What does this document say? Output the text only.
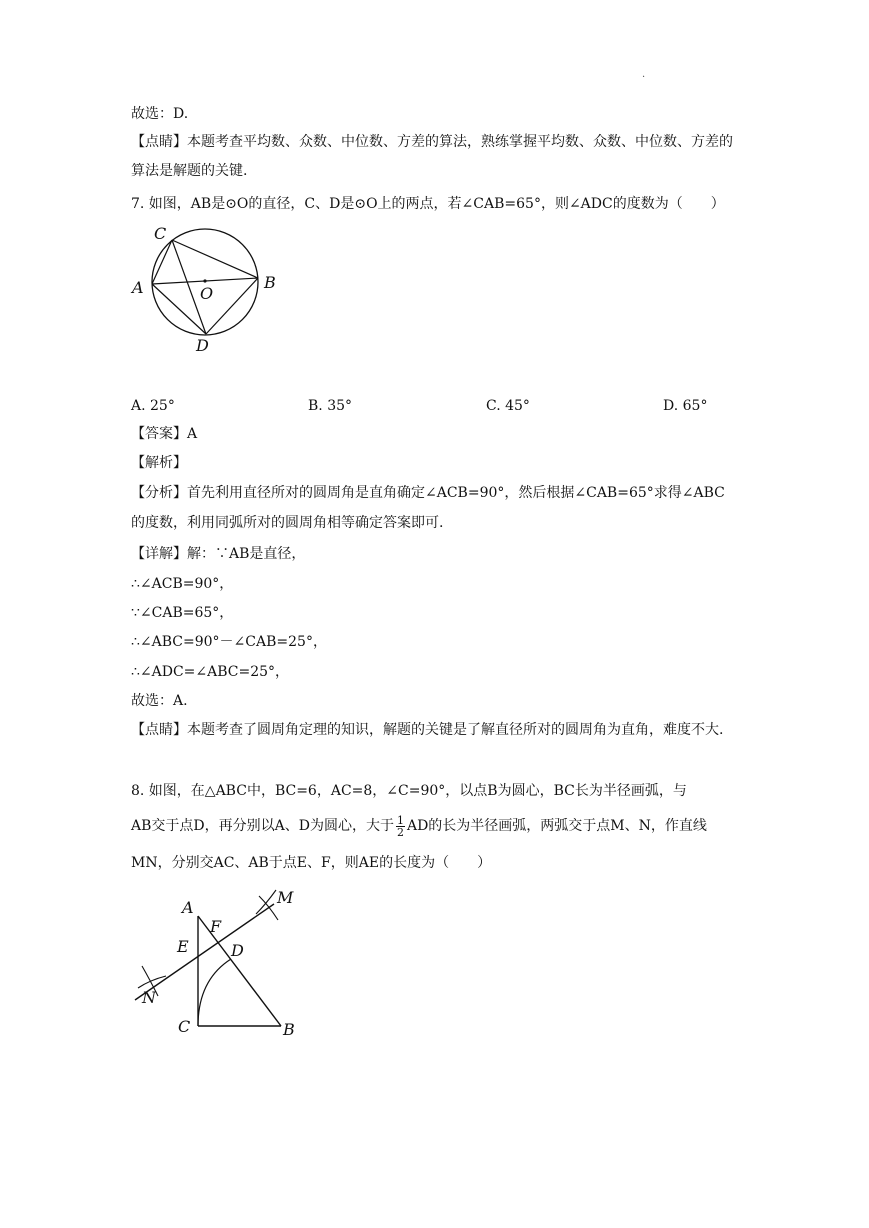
·
故选：D.
【点睛】本题考查平均数、众数、中位数、方差的算法，熟练掌握平均数、众数、中位数、方差的算法是解题的关键.
7. 如图，AB是⊙O的直径，C、D是⊙O上的两点，若∠CAB=65°，则∠ADC的度数为（　　）
C
A	O
B
D
A. 25°	B. 35°	C. 45°	D. 65°
【答案】A
【解析】
【分析】首先利用直径所对的圆周角是直角确定∠ACB=90°，然后根据∠CAB=65°求得∠ABC
的度数，利用同弧所对的圆周角相等确定答案即可.
【详解】解：∵AB是直径，
∴∠ACB=90°，
∵∠CAB=65°，
∴∠ABC=90°－∠CAB=25°，
∴∠ADC=∠ABC=25°，
故选：A.
【点睛】本题考查了圆周角定理的知识，解题的关键是了解直径所对的圆周角为直角，难度不大.
8. 如图，在△ABC中，BC=6，AC=8，∠C=90°，以点B为圆心，BC长为半径画弧，与
AB交于点D，再分别以A、D为圆心，大于 $\frac{1}{2}$ AD的长为半径画弧，两弧交于点M、N，作直线
MN，分别交AC、AB于点E、F，则AE的长度为（　　）
A
F
M
E	D
N
C	B
